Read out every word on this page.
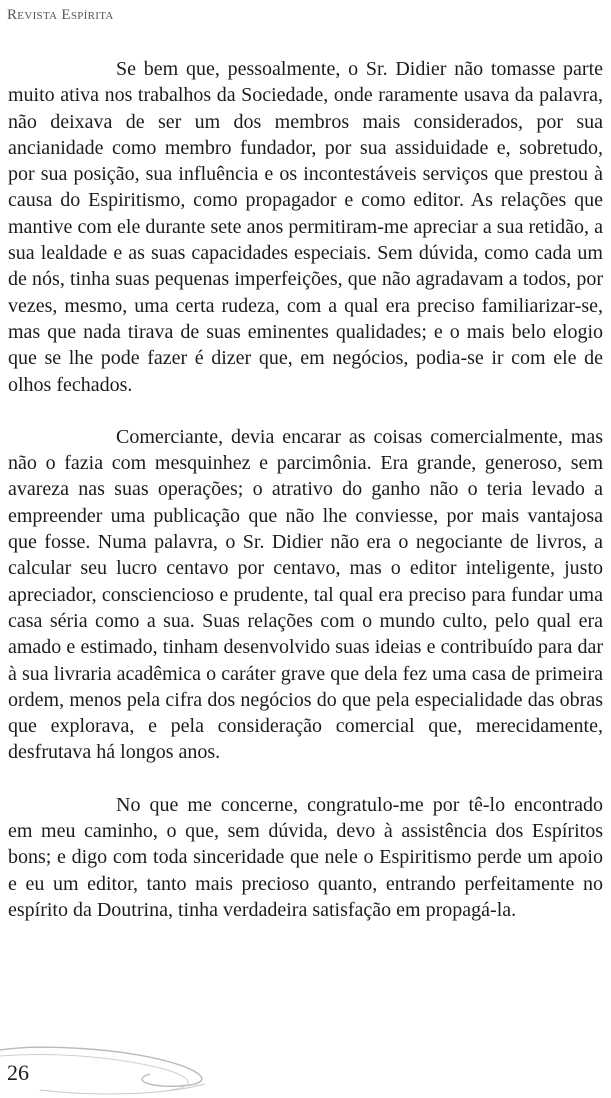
Revista Espírita

Se bem que, pessoalmente, o Sr. Didier não tomasse parte muito ativa nos trabalhos da Sociedade, onde raramente usava da palavra, não deixava de ser um dos membros mais considerados, por sua ancianidade como membro fundador, por sua assiduidade e, sobretudo, por sua posição, sua influência e os incontestáveis serviços que prestou à causa do Espiritismo, como propagador e como editor. As relações que mantive com ele durante sete anos permitiram-me apreciar a sua retidão, a sua lealdade e as suas capacidades especiais. Sem dúvida, como cada um de nós, tinha suas pequenas imperfeições, que não agradavam a todos, por vezes, mesmo, uma certa rudeza, com a qual era preciso familiarizar-se, mas que nada tirava de suas eminentes qualidades; e o mais belo elogio que se lhe pode fazer é dizer que, em negócios, podia-se ir com ele de olhos fechados.

Comerciante, devia encarar as coisas comercialmente, mas não o fazia com mesquinhez e parcimônia. Era grande, generoso, sem avareza nas suas operações; o atrativo do ganho não o teria levado a empreender uma publicação que não lhe conviesse, por mais vantajosa que fosse. Numa palavra, o Sr. Didier não era o negociante de livros, a calcular seu lucro centavo por centavo, mas o editor inteligente, justo apreciador, consciencioso e prudente, tal qual era preciso para fundar uma casa séria como a sua. Suas relações com o mundo culto, pelo qual era amado e estimado, tinham desenvolvido suas ideias e contribuído para dar à sua livraria acadêmica o caráter grave que dela fez uma casa de primeira ordem, menos pela cifra dos negócios do que pela especialidade das obras que explorava, e pela consideração comercial que, merecidamente, desfrutava há longos anos.

No que me concerne, congratulo-me por tê-lo encontrado em meu caminho, o que, sem dúvida, devo à assistência dos Espíritos bons; e digo com toda sinceridade que nele o Espiritismo perde um apoio e eu um editor, tanto mais precioso quanto, entrando perfeitamente no espírito da Doutrina, tinha verdadeira satisfação em propagá-la.

26
